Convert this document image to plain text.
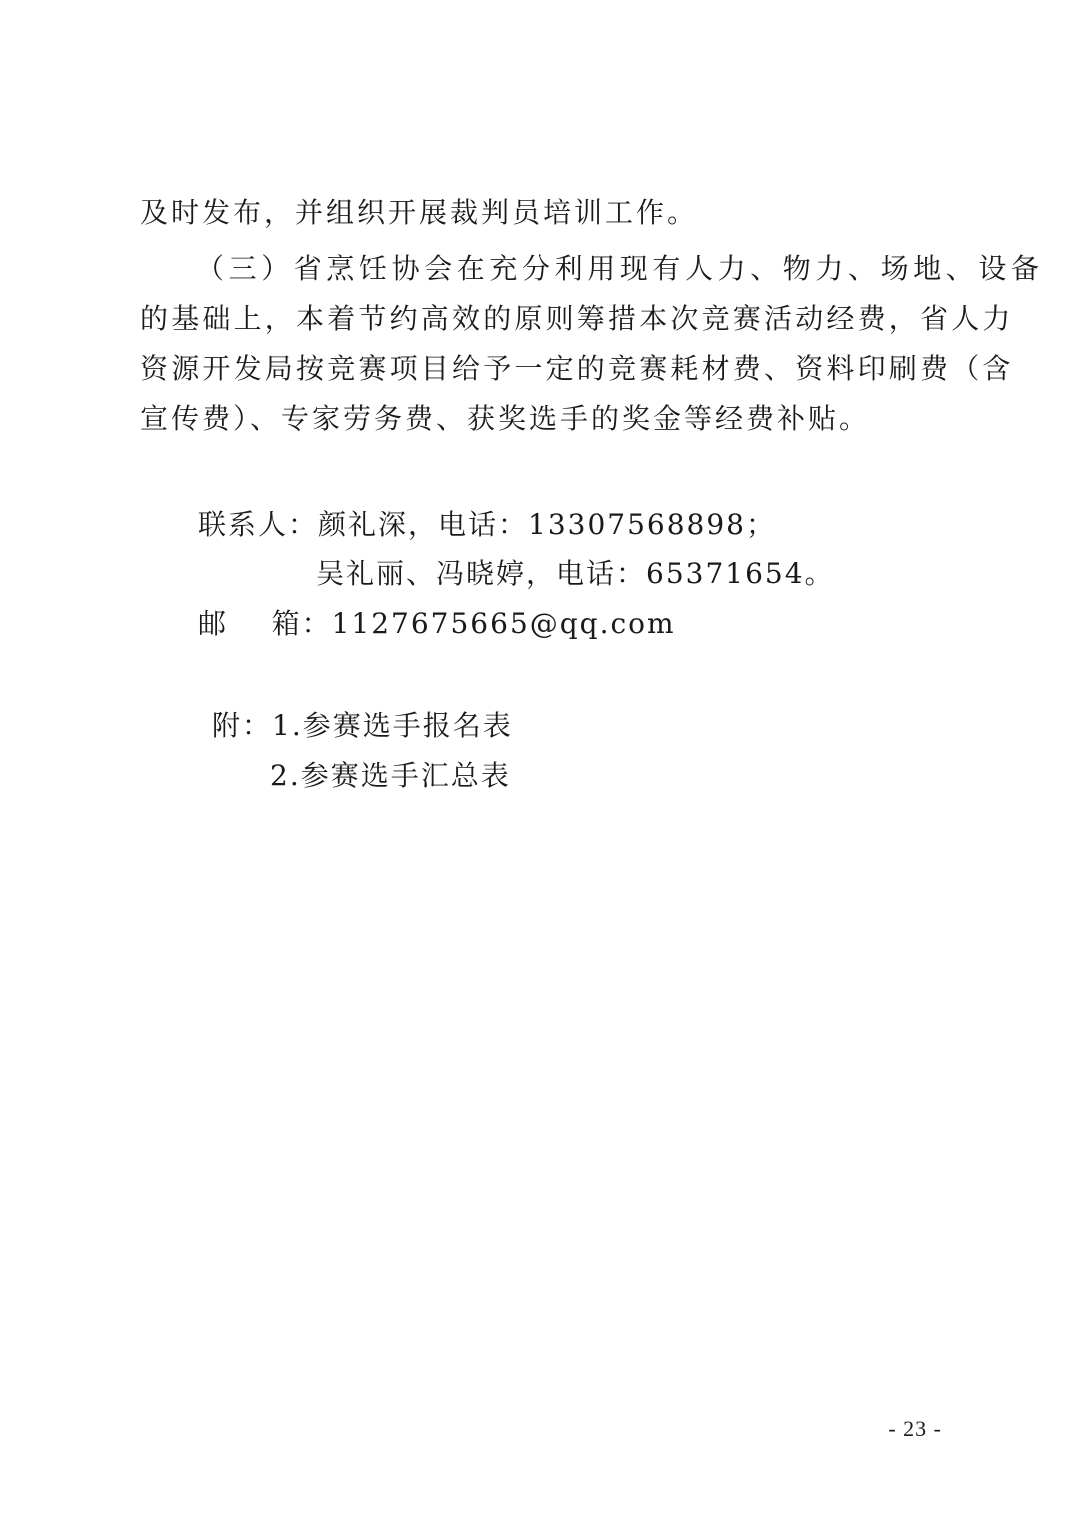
及时发布，并组织开展裁判员培训工作。
（三）省烹饪协会在充分利用现有人力、物力、场地、设备
的基础上，本着节约高效的原则筹措本次竞赛活动经费，省人力
资源开发局按竞赛项目给予一定的竞赛耗材费、资料印刷费（含
宣传费）、专家劳务费、获奖选手的奖金等经费补贴。
联系人：颜礼深，电话：13307568898；
吴礼丽、冯晓婷，电话：65371654。
邮    箱：1127675665@qq.com
附：1.参赛选手报名表
2.参赛选手汇总表
- 23 -
